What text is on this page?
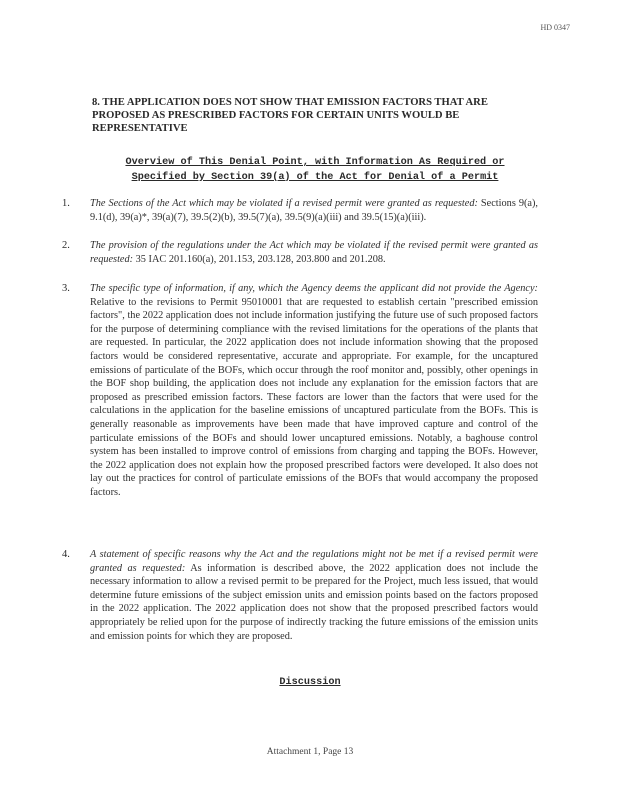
HD 0347
8. THE APPLICATION DOES NOT SHOW THAT EMISSION FACTORS THAT ARE PROPOSED AS PRESCRIBED FACTORS FOR CERTAIN UNITS WOULD BE REPRESENTATIVE
Overview of This Denial Point, with Information As Required or Specified by Section 39(a) of the Act for Denial of a Permit
1.	The Sections of the Act which may be violated if a revised permit were granted as requested: Sections 9(a), 9.1(d), 39(a)*, 39(a)(7), 39.5(2)(b), 39.5(7)(a), 39.5(9)(a)(iii) and 39.5(15)(a)(iii).
2.	The provision of the regulations under the Act which may be violated if the revised permit were granted as requested: 35 IAC 201.160(a), 201.153, 203.128, 203.800 and 201.208.
3.	The specific type of information, if any, which the Agency deems the applicant did not provide the Agency: Relative to the revisions to Permit 95010001 that are requested to establish certain "prescribed emission factors", the 2022 application does not include information justifying the future use of such proposed factors for the purpose of determining compliance with the revised limitations for the operations of the plants that are requested. In particular, the 2022 application does not include information showing that the proposed factors would be considered representative, accurate and appropriate. For example, for the uncaptured emissions of particulate of the BOFs, which occur through the roof monitor and, possibly, other openings in the BOF shop building, the application does not include any explanation for the emission factors that are proposed as prescribed emission factors. These factors are lower than the factors that were used for the calculations in the application for the baseline emissions of uncaptured particulate from the BOFs. This is generally reasonable as improvements have been made that have improved capture and control of the particulate emissions of the BOFs and should lower uncaptured emissions. Notably, a baghouse control system has been installed to improve control of emissions from charging and tapping the BOFs. However, the 2022 application does not explain how the proposed prescribed factors were developed. It also does not lay out the practices for control of particulate emissions of the BOFs that would accompany the proposed factors.
4.	A statement of specific reasons why the Act and the regulations might not be met if a revised permit were granted as requested: As information is described above, the 2022 application does not include the necessary information to allow a revised permit to be prepared for the Project, much less issued, that would determine future emissions of the subject emission units and emission points based on the factors proposed in the 2022 application. The 2022 application does not show that the proposed prescribed factors would appropriately be relied upon for the purpose of indirectly tracking the future emissions of the emission units and emission points for which they are proposed.
Discussion
Attachment 1, Page 13
